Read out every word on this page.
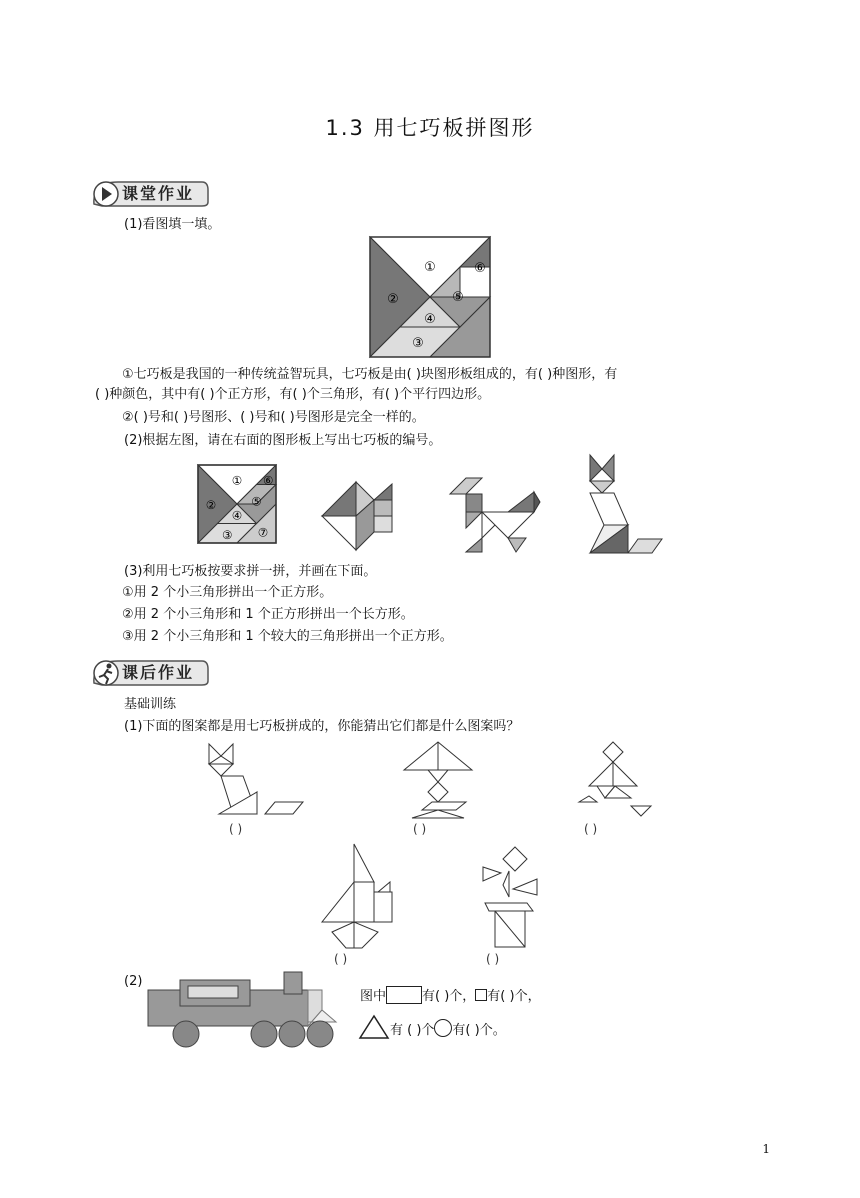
1.3 用七巧板拼图形
课堂作业
(1)看图填一填。
①
②
③
④
⑤
⑥
①七巧板是我国的一种传统益智玩具，七巧板是由( )块图形板组成的，有( )种图形，有
( )种颜色，其中有( )个正方形，有( )个三角形，有( )个平行四边形。
②( )号和( )号图形、( )号和( )号图形是完全一样的。
(2)根据左图，请在右面的图形板上写出七巧板的编号。
①
②
③
④
⑤
⑥
⑦
(3)利用七巧板按要求拼一拼，并画在下面。
①用 2 个小三角形拼出一个正方形。
②用 2 个小三角形和 1 个正方形拼出一个长方形。
③用 2 个小三角形和 1 个较大的三角形拼出一个正方形。
课后作业
基础训练
(1)下面的图案都是用七巧板拼成的，你能猜出它们都是什么图案吗？
( )	( )	( )
( )	( )
(2)
图中	有( )个， 有( )个，
有 ( )个 有( )个。
1
